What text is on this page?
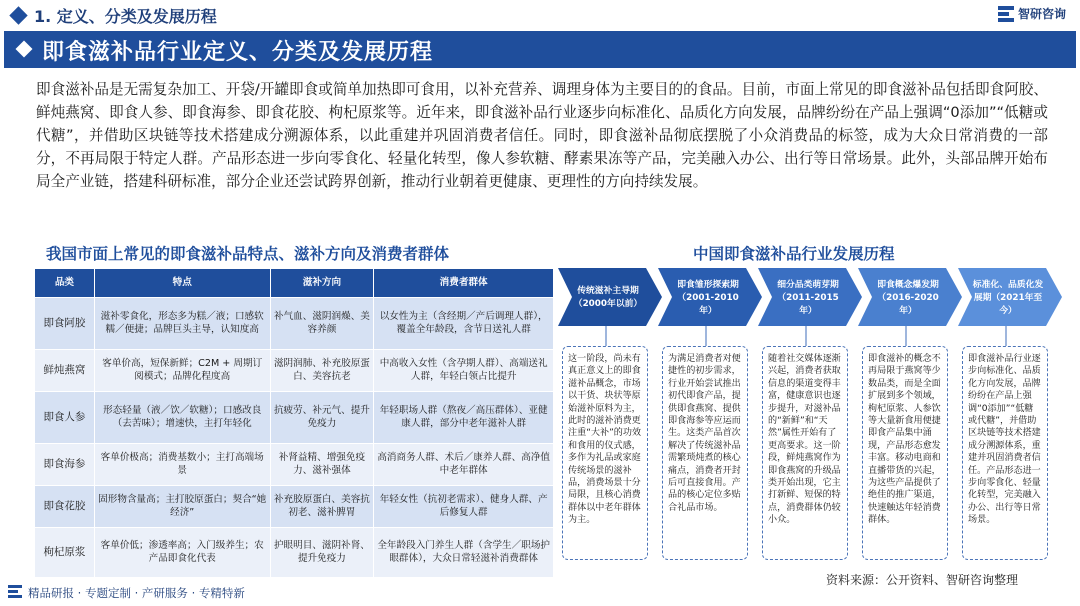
1. 定义、分类及发展历程	智研咨询
即食滋补品行业定义、分类及发展历程
即食滋补品是无需复杂加工、开袋/开罐即食或简单加热即可食用，以补充营养、调理身体为主要目的的食品。目前，市面上常见的即食滋补品包括即食阿胶、鲜炖燕窝、即食人参、即食海参、即食花胶、枸杞原浆等。近年来，即食滋补品行业逐步向标准化、品质化方向发展，品牌纷纷在产品上强调“0添加”“低糖或代糖”，并借助区块链等技术搭建成分溯源体系，以此重建并巩固消费者信任。同时，即食滋补品彻底摆脱了小众消费品的标签，成为大众日常消费的一部分，不再局限于特定人群。产品形态进一步向零食化、轻量化转型，像人参软糖、酵素果冻等产品，完美融入办公、出行等日常场景。此外，头部品牌开始布局全产业链，搭建科研标准，部分企业还尝试跨界创新，推动行业朝着更健康、更理性的方向持续发展。
我国市面上常见的即食滋补品特点、滋补方向及消费者群体	中国即食滋补品行业发展历程
品类	特点	滋补方向	消费者群体
即食阿胶	滋补零食化，形态多为糕／液；口感软糯／便捷；品牌巨头主导，认知度高	补气血、滋阴润燥、美容养颜	以女性为主（含经期／产后调理人群），覆盖全年龄段，含节日送礼人群
鲜炖燕窝	客单价高，短保新鲜；C2M + 周期订阅模式；品牌化程度高	滋阴润肺、补充胶原蛋白、美容抗老	中高收入女性（含孕期人群）、高端送礼人群，年轻白领占比提升
即食人参	形态轻量（液／饮／软糖）；口感改良（去苦味）；增速快，主打年轻化	抗疲劳、补元气、提升免疫力	年轻职场人群（熬夜／高压群体）、亚健康人群，部分中老年滋补人群
即食海参	客单价极高；消费基数小；主打高端场景	补肾益精、增强免疫力、滋补强体	高消商务人群、术后／康养人群、高净值中老年群体
即食花胶	固形物含量高；主打胶原蛋白；契合“她经济”	补充胶原蛋白、美容抗初老、滋补脾胃	年轻女性（抗初老需求）、健身人群、产后修复人群
枸杞原浆	客单价低；渗透率高；入门级养生；农产品即食化代表	护眼明目、滋阴补肾、提升免疫力	全年龄段入门养生人群（含学生／职场护眼群体），大众日常轻滋补消费群体
传统滋补主导期（2000年以前）
即食雏形探索期（2001-2010年）
细分品类萌芽期（2011-2015年）
即食概念爆发期（2016-2020年）
标准化、品质化发展期（2021年至今）
这一阶段，尚未有真正意义上的即食滋补品概念，市场以干货、块状等原始滋补原料为主，此时的滋补消费更注重“大补”的功效和食用的仪式感，多作为礼品或家庭传统场景的滋补品，消费场景十分局限，且核心消费群体以中老年群体为主。
为满足消费者对便捷性的初步需求，行业开始尝试推出初代即食产品，提供即食燕窝、提供即食海参等应运而生。这类产品首次解决了传统滋补品需繁琐炖煮的核心痛点，消费者开封后可直接食用。产品的核心定位多贴合礼品市场。
随着社交媒体逐渐兴起，消费者获取信息的渠道变得丰富，健康意识也逐步提升，对滋补品的“新鲜”和“天然”属性开始有了更高要求。这一阶段，鲜炖燕窝作为即食燕窝的升级品类开始出现，它主打新鲜、短保的特点，消费群体仍较小众。
即食滋补的概念不再局限于燕窝等少数品类，而是全面扩展到多个领域，枸杞原浆、人参饮等大量新食用便捷即食产品集中涌现，产品形态愈发丰富。移动电商和直播带货的兴起，为这些产品提供了绝佳的推广渠道，快速触达年轻消费群体。
即食滋补品行业逐步向标准化、品质化方向发展，品牌纷纷在产品上强调“0添加”“低糖或代糖”，并借助区块链等技术搭建成分溯源体系，重建并巩固消费者信任。产品形态进一步向零食化、轻量化转型，完美融入办公、出行等日常场景。
精品研报 · 专题定制 · 产研服务 · 专精特新
资料来源：公开资料、智研咨询整理
